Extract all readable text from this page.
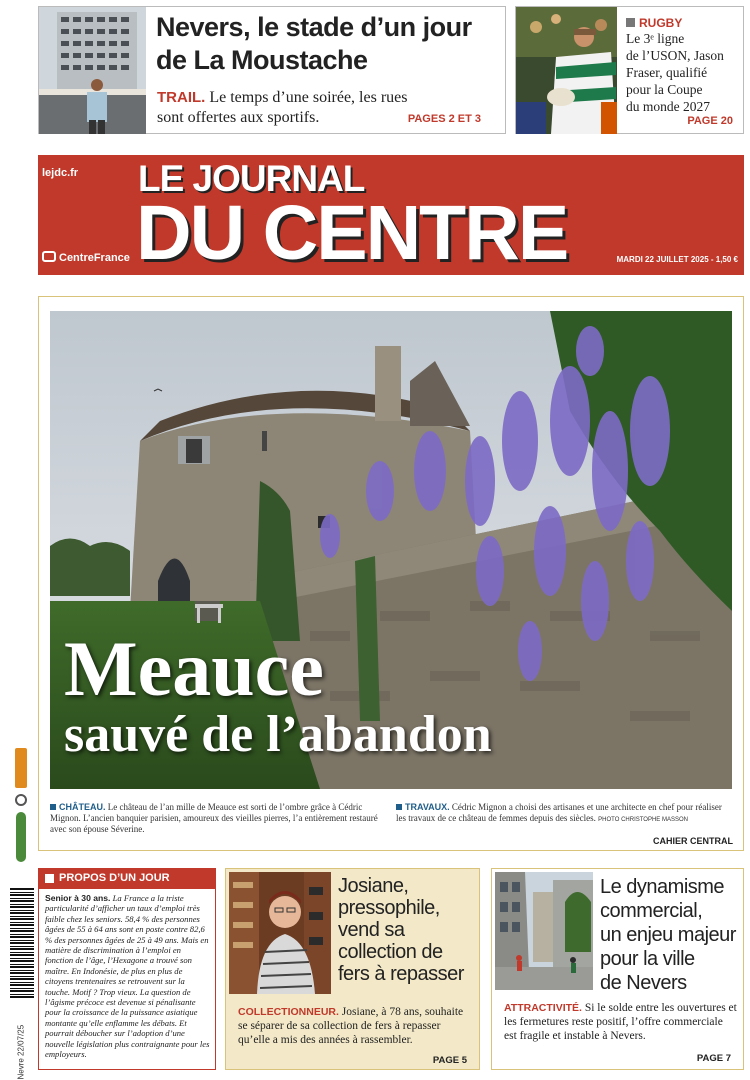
Nevers, le stade d’un jour
de La Moustache
TRAIL. Le temps d’une soirée, les rues
sont offertes aux sportifs.	PAGES 2 ET 3
RUGBY
Le 3ᵉ ligne
de l’USON, Jason
Fraser, qualifié
pour la Coupe
du monde 2027
PAGE 20
lejdc.fr LE JOURNAL
DU CENTRE
CentreFrance	MARDI 22 JUILLET 2025 - 1,50 €
Meauce
sauvé de l’abandon
CHÂTEAU. Le château de l’an mille de Meauce est sorti de l’ombre grâce à Cédric Mignon. L’ancien banquier parisien, amoureux des vieilles pierres, l’a entièrement restauré avec son épouse Séverine.
TRAVAUX. Cédric Mignon a choisi des artisanes et une architecte en chef pour réaliser les travaux de ce château de femmes depuis des siècles. PHOTO CHRISTOPHE MASSON
CAHIER CENTRAL
PROPOS D’UN JOUR
Senior à 30 ans. La France a la triste particularité d’afficher un taux d’emploi très faible chez les seniors. 58,4 % des personnes âgées de 55 à 64 ans sont en poste contre 82,6 % des personnes âgées de 25 à 49 ans. Mais en matière de discrimination à l’emploi en fonction de l’âge, l’Hexagone a trouvé son maître. En Indonésie, de plus en plus de citoyens trentenaires se retrouvent sur la touche. Motif ? Trop vieux. La question de l’âgisme précoce est devenue si pénalisante pour la croissance de la puissance asiatique montante qu’elle enflamme les débats. Et pourrait déboucher sur l’adoption d’une nouvelle législation plus contraignante pour les employeurs.
Josiane,
pressophile,
vend sa
collection de
fers à repasser
COLLECTIONNEUR. Josiane, à 78 ans, souhaite se séparer de sa collection de fers à repasser qu’elle a mis des années à rassembler.
PAGE 5
Le dynamisme
commercial,
un enjeu majeur
pour la ville
de Nevers
ATTRACTIVITÉ. Si le solde entre les ouvertures et les fermetures reste positif, l’offre commerciale est fragile et instable à Nevers.
PAGE 7
Nevre 22/07/25
